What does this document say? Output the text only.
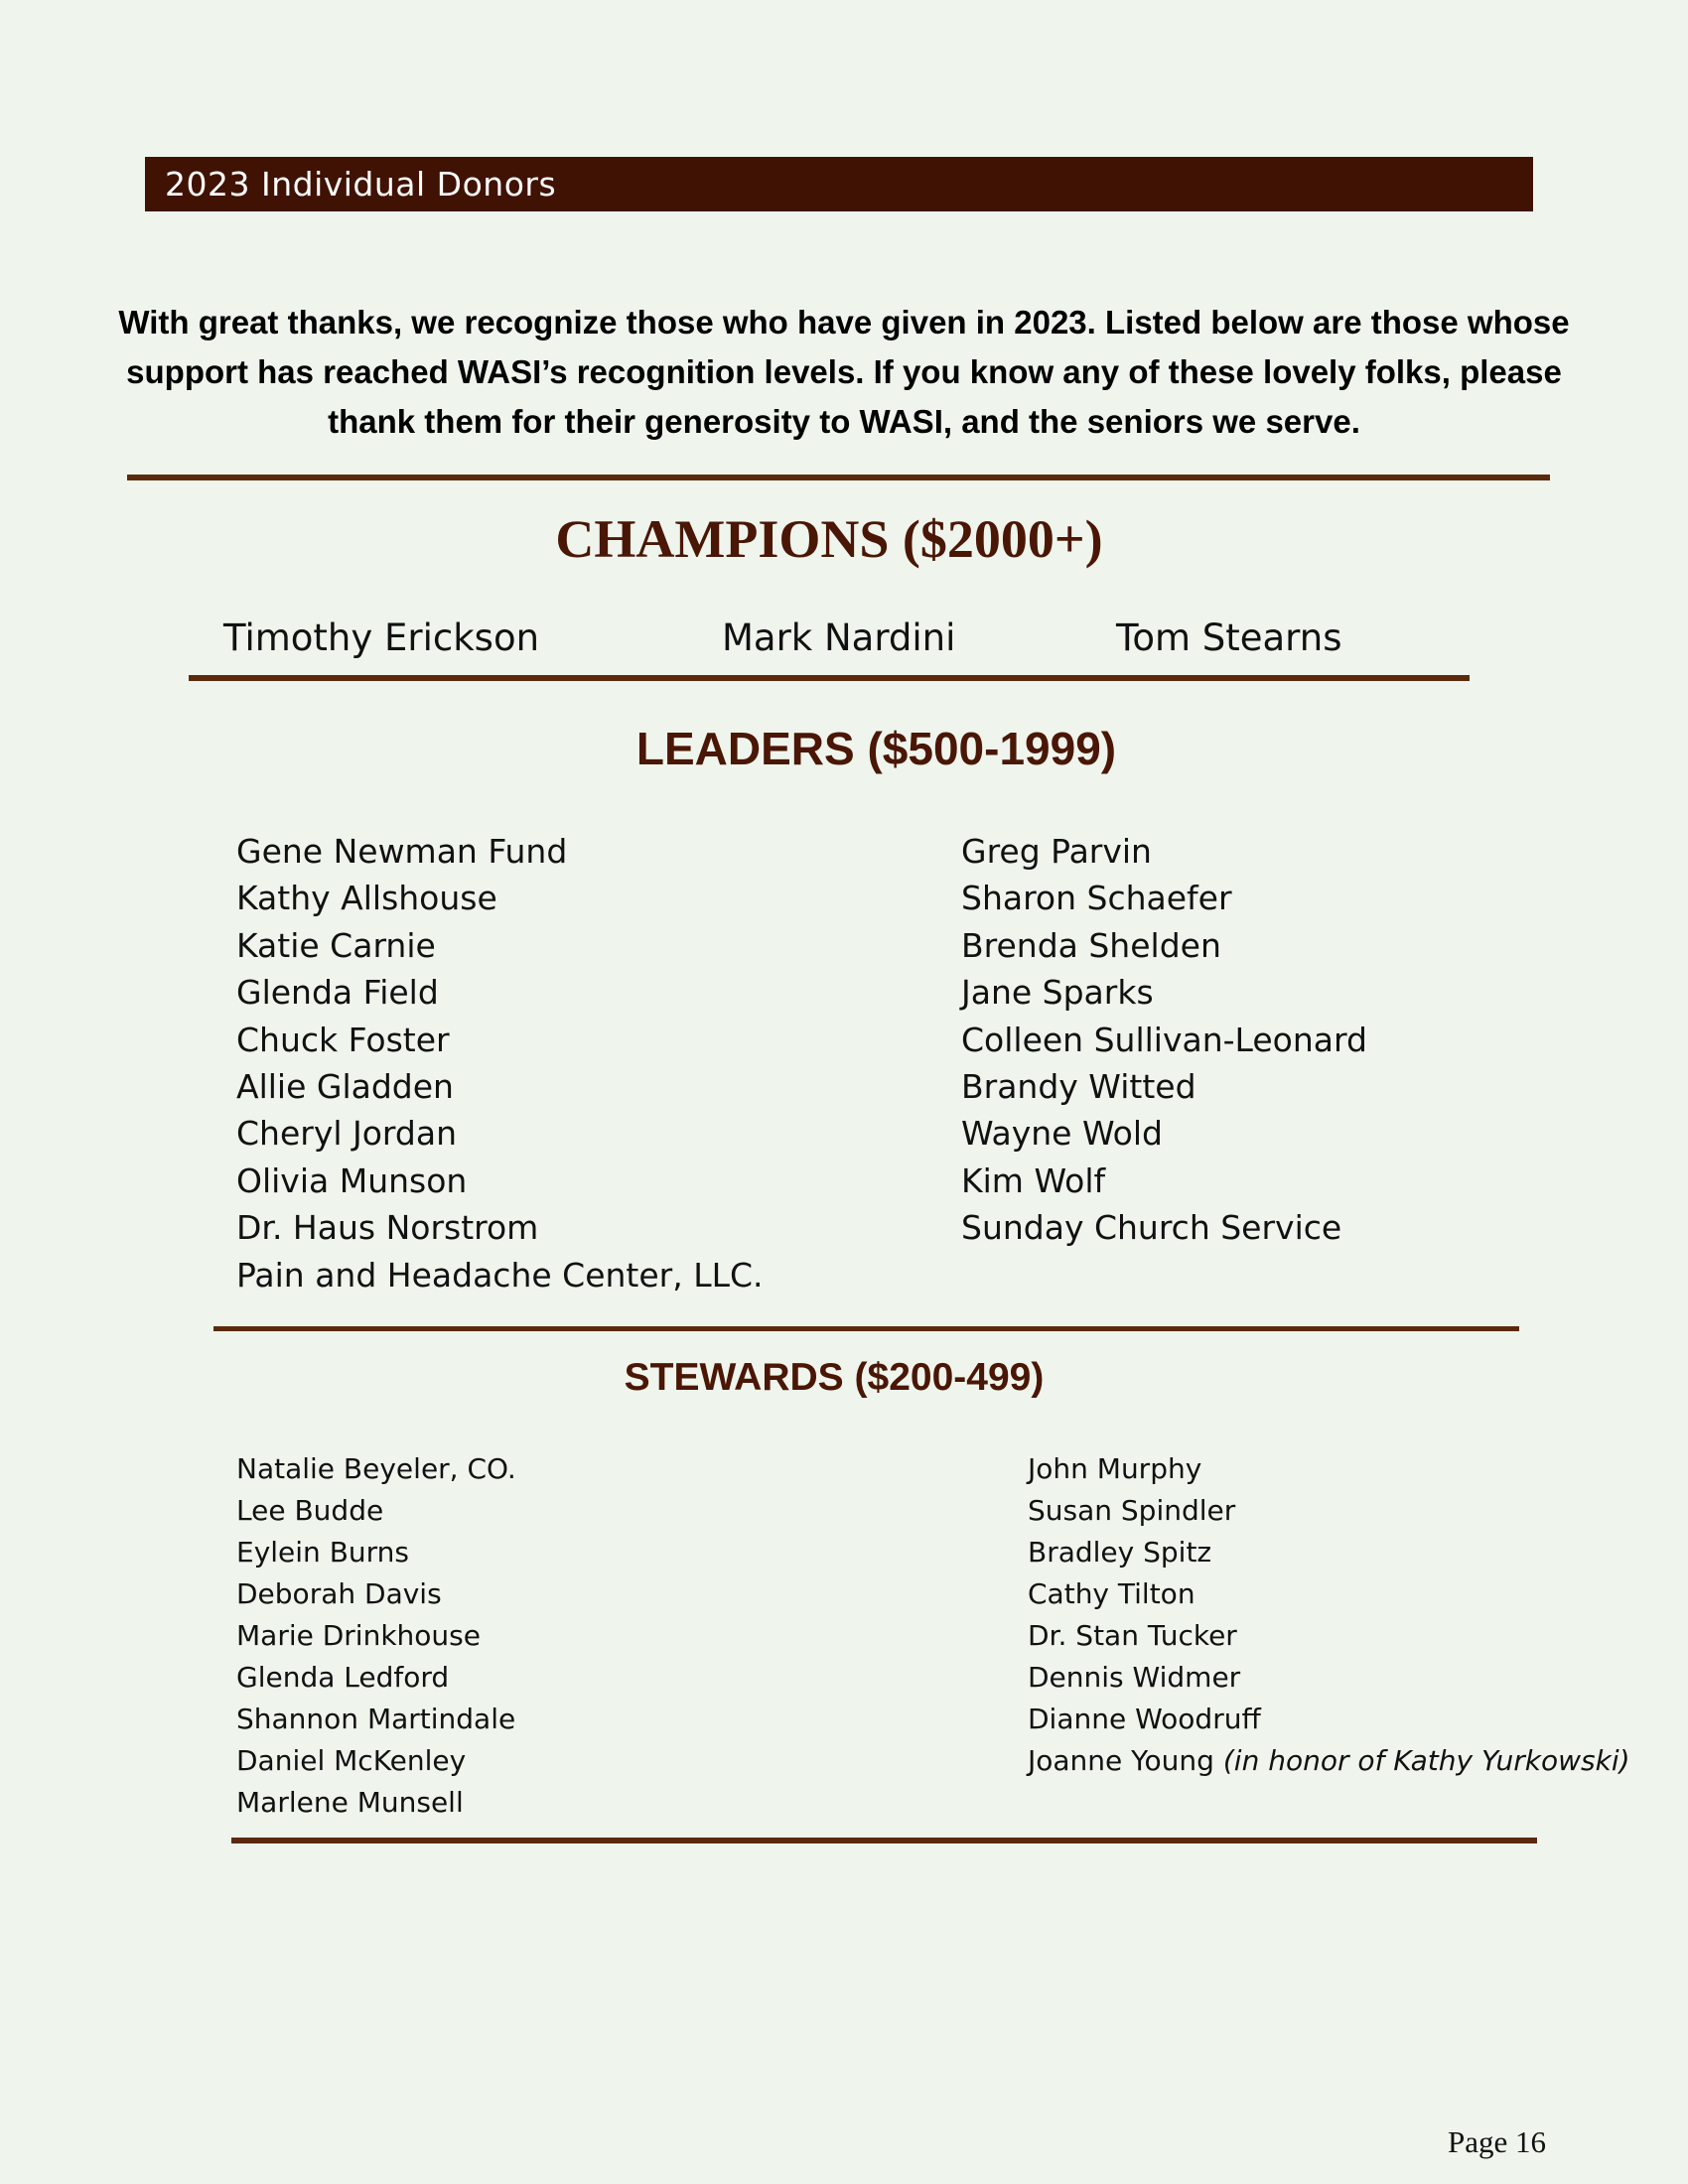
2023 Individual Donors
With great thanks, we recognize those who have given in 2023. Listed below are those whose
support has reached WASI’s recognition levels. If you know any of these lovely folks, please
thank them for their generosity to WASI, and the seniors we serve.
CHAMPIONS ($2000+)
Timothy Erickson	Mark Nardini	Tom Stearns
LEADERS ($500-1999)
Gene Newman Fund
Kathy Allshouse
Katie Carnie
Glenda Field
Chuck Foster
Allie Gladden
Cheryl Jordan
Olivia Munson
Dr. Haus Norstrom
Pain and Headache Center, LLC.
Greg Parvin
Sharon Schaefer
Brenda Shelden
Jane Sparks
Colleen Sullivan-Leonard
Brandy Witted
Wayne Wold
Kim Wolf
Sunday Church Service
STEWARDS ($200-499)
Natalie Beyeler, CO.
Lee Budde
Eylein Burns
Deborah Davis
Marie Drinkhouse
Glenda Ledford
Shannon Martindale
Daniel McKenley
Marlene Munsell
John Murphy
Susan Spindler
Bradley Spitz
Cathy Tilton
Dr. Stan Tucker
Dennis Widmer
Dianne Woodruff
Joanne Young (in honor of Kathy Yurkowski)
Page 16
